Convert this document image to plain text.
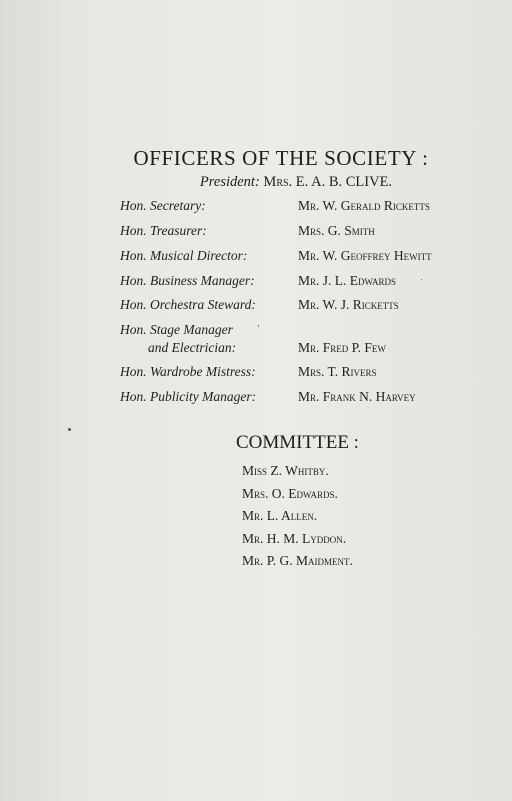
OFFICERS OF THE SOCIETY :
President: Mrs. E. A. B. CLIVE.
Hon. Secretary:	Mr. W. Gerald Ricketts
Hon. Treasurer:	Mrs. G. Smith
Hon. Musical Director:	Mr. W. Geoffrey Hewitt
Hon. Business Manager:	Mr. J. L. Edwards
Hon. Orchestra Steward:	Mr. W. J. Ricketts
Hon. Stage Manager
and Electrician:	Mr. Fred P. Few
Hon. Wardrobe Mistress:	Mrs. T. Rivers
Hon. Publicity Manager:	Mr. Frank N. Harvey
COMMITTEE :
Miss Z. Whitby.
Mrs. O. Edwards.
Mr. L. Allen.
Mr. H. M. Lyddon.
Mr. P. G. Maidment.
